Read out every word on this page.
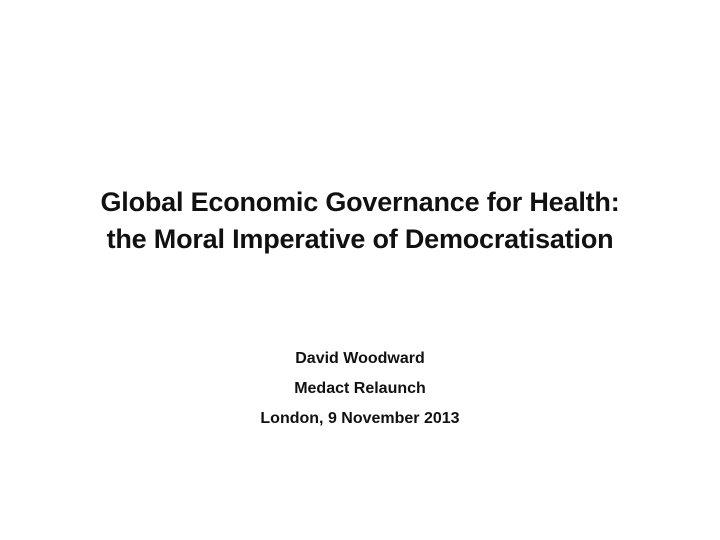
Global Economic Governance for Health:
the Moral Imperative of Democratisation
David Woodward
Medact Relaunch
London, 9 November 2013
